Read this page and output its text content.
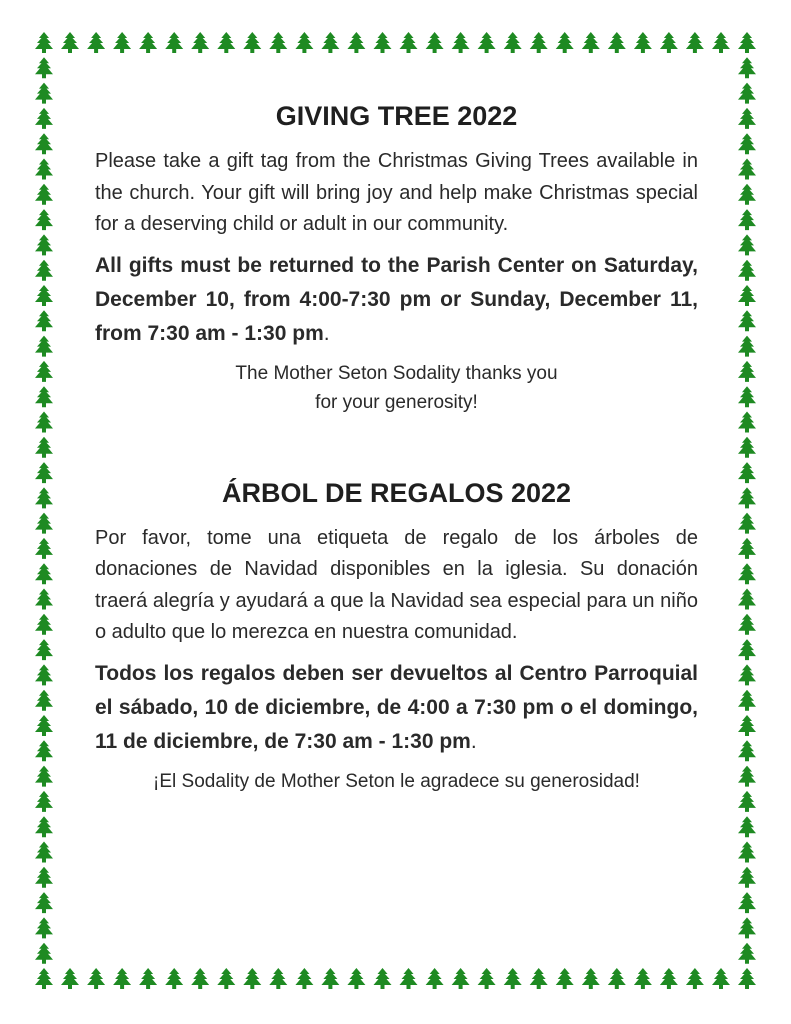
GIVING TREE 2022

Please take a gift tag from the Christmas Giving Trees available in the church. Your gift will bring joy and help make Christmas special for a deserving child or adult in our community.

All gifts must be returned to the Parish Center on Saturday, December 10, from 4:00-7:30 pm or Sunday, December 11, from 7:30 am - 1:30 pm.

The Mother Seton Sodality thanks you
for your generosity!

ÁRBOL DE REGALOS 2022

Por favor, tome una etiqueta de regalo de los árboles de donaciones de Navidad disponibles en la iglesia. Su donación traerá alegría y ayudará a que la Navidad sea especial para un niño o adulto que lo merezca en nuestra comunidad.

Todos los regalos deben ser devueltos al Centro Parroquial el sábado, 10 de diciembre, de 4:00 a 7:30 pm o el domingo, 11 de diciembre, de 7:30 am - 1:30 pm.

¡El Sodality de Mother Seton le agradece su generosidad!
